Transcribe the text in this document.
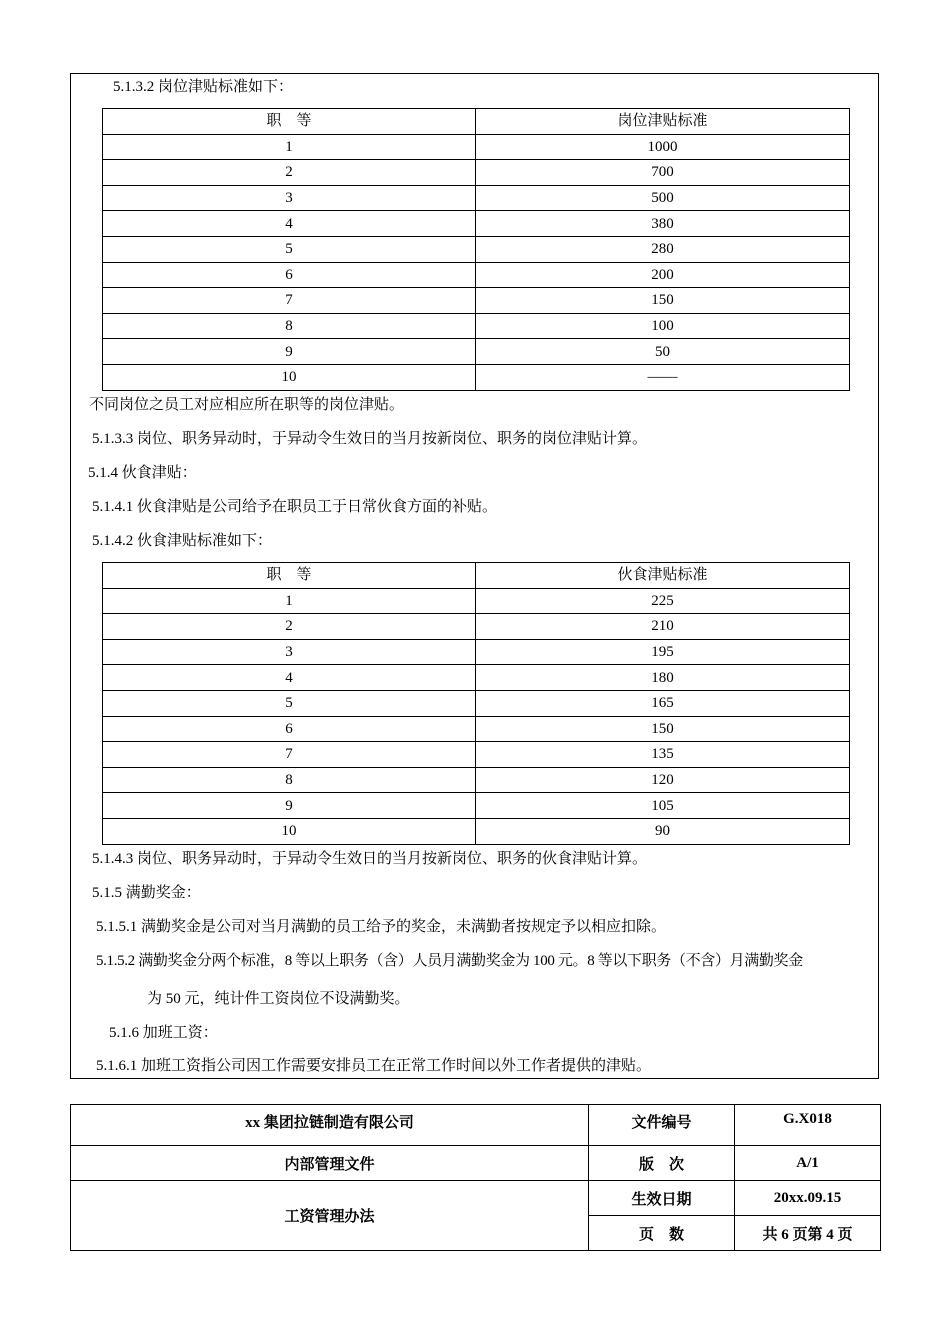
5.1.3.2 岗位津贴标准如下：
职　等	岗位津贴标准
1	1000
2	700
3	500
4	380
5	280
6	200
7	150
8	100
9	50
10	——
不同岗位之员工对应相应所在职等的岗位津贴。
5.1.3.3 岗位、职务异动时，于异动令生效日的当月按新岗位、职务的岗位津贴计算。
5.1.4 伙食津贴：
5.1.4.1 伙食津贴是公司给予在职员工于日常伙食方面的补贴。
5.1.4.2 伙食津贴标准如下：
职　等	伙食津贴标准
1	225
2	210
3	195
4	180
5	165
6	150
7	135
8	120
9	105
10	90
5.1.4.3 岗位、职务异动时，于异动令生效日的当月按新岗位、职务的伙食津贴计算。
5.1.5 满勤奖金：
5.1.5.1 满勤奖金是公司对当月满勤的员工给予的奖金，未满勤者按规定予以相应扣除。
5.1.5.2 满勤奖金分两个标准，8 等以上职务（含）人员月满勤奖金为 100 元。8 等以下职务（不含）月满勤奖金
为 50 元，纯计件工资岗位不设满勤奖。
5.1.6 加班工资：
5.1.6.1 加班工资指公司因工作需要安排员工在正常工作时间以外工作者提供的津贴。
xx 集团拉链制造有限公司	文件编号	G.X018
内部管理文件	版　次	A/1
工资管理办法	生效日期	20xx.09.15
	页　数	共 6 页第 4 页
